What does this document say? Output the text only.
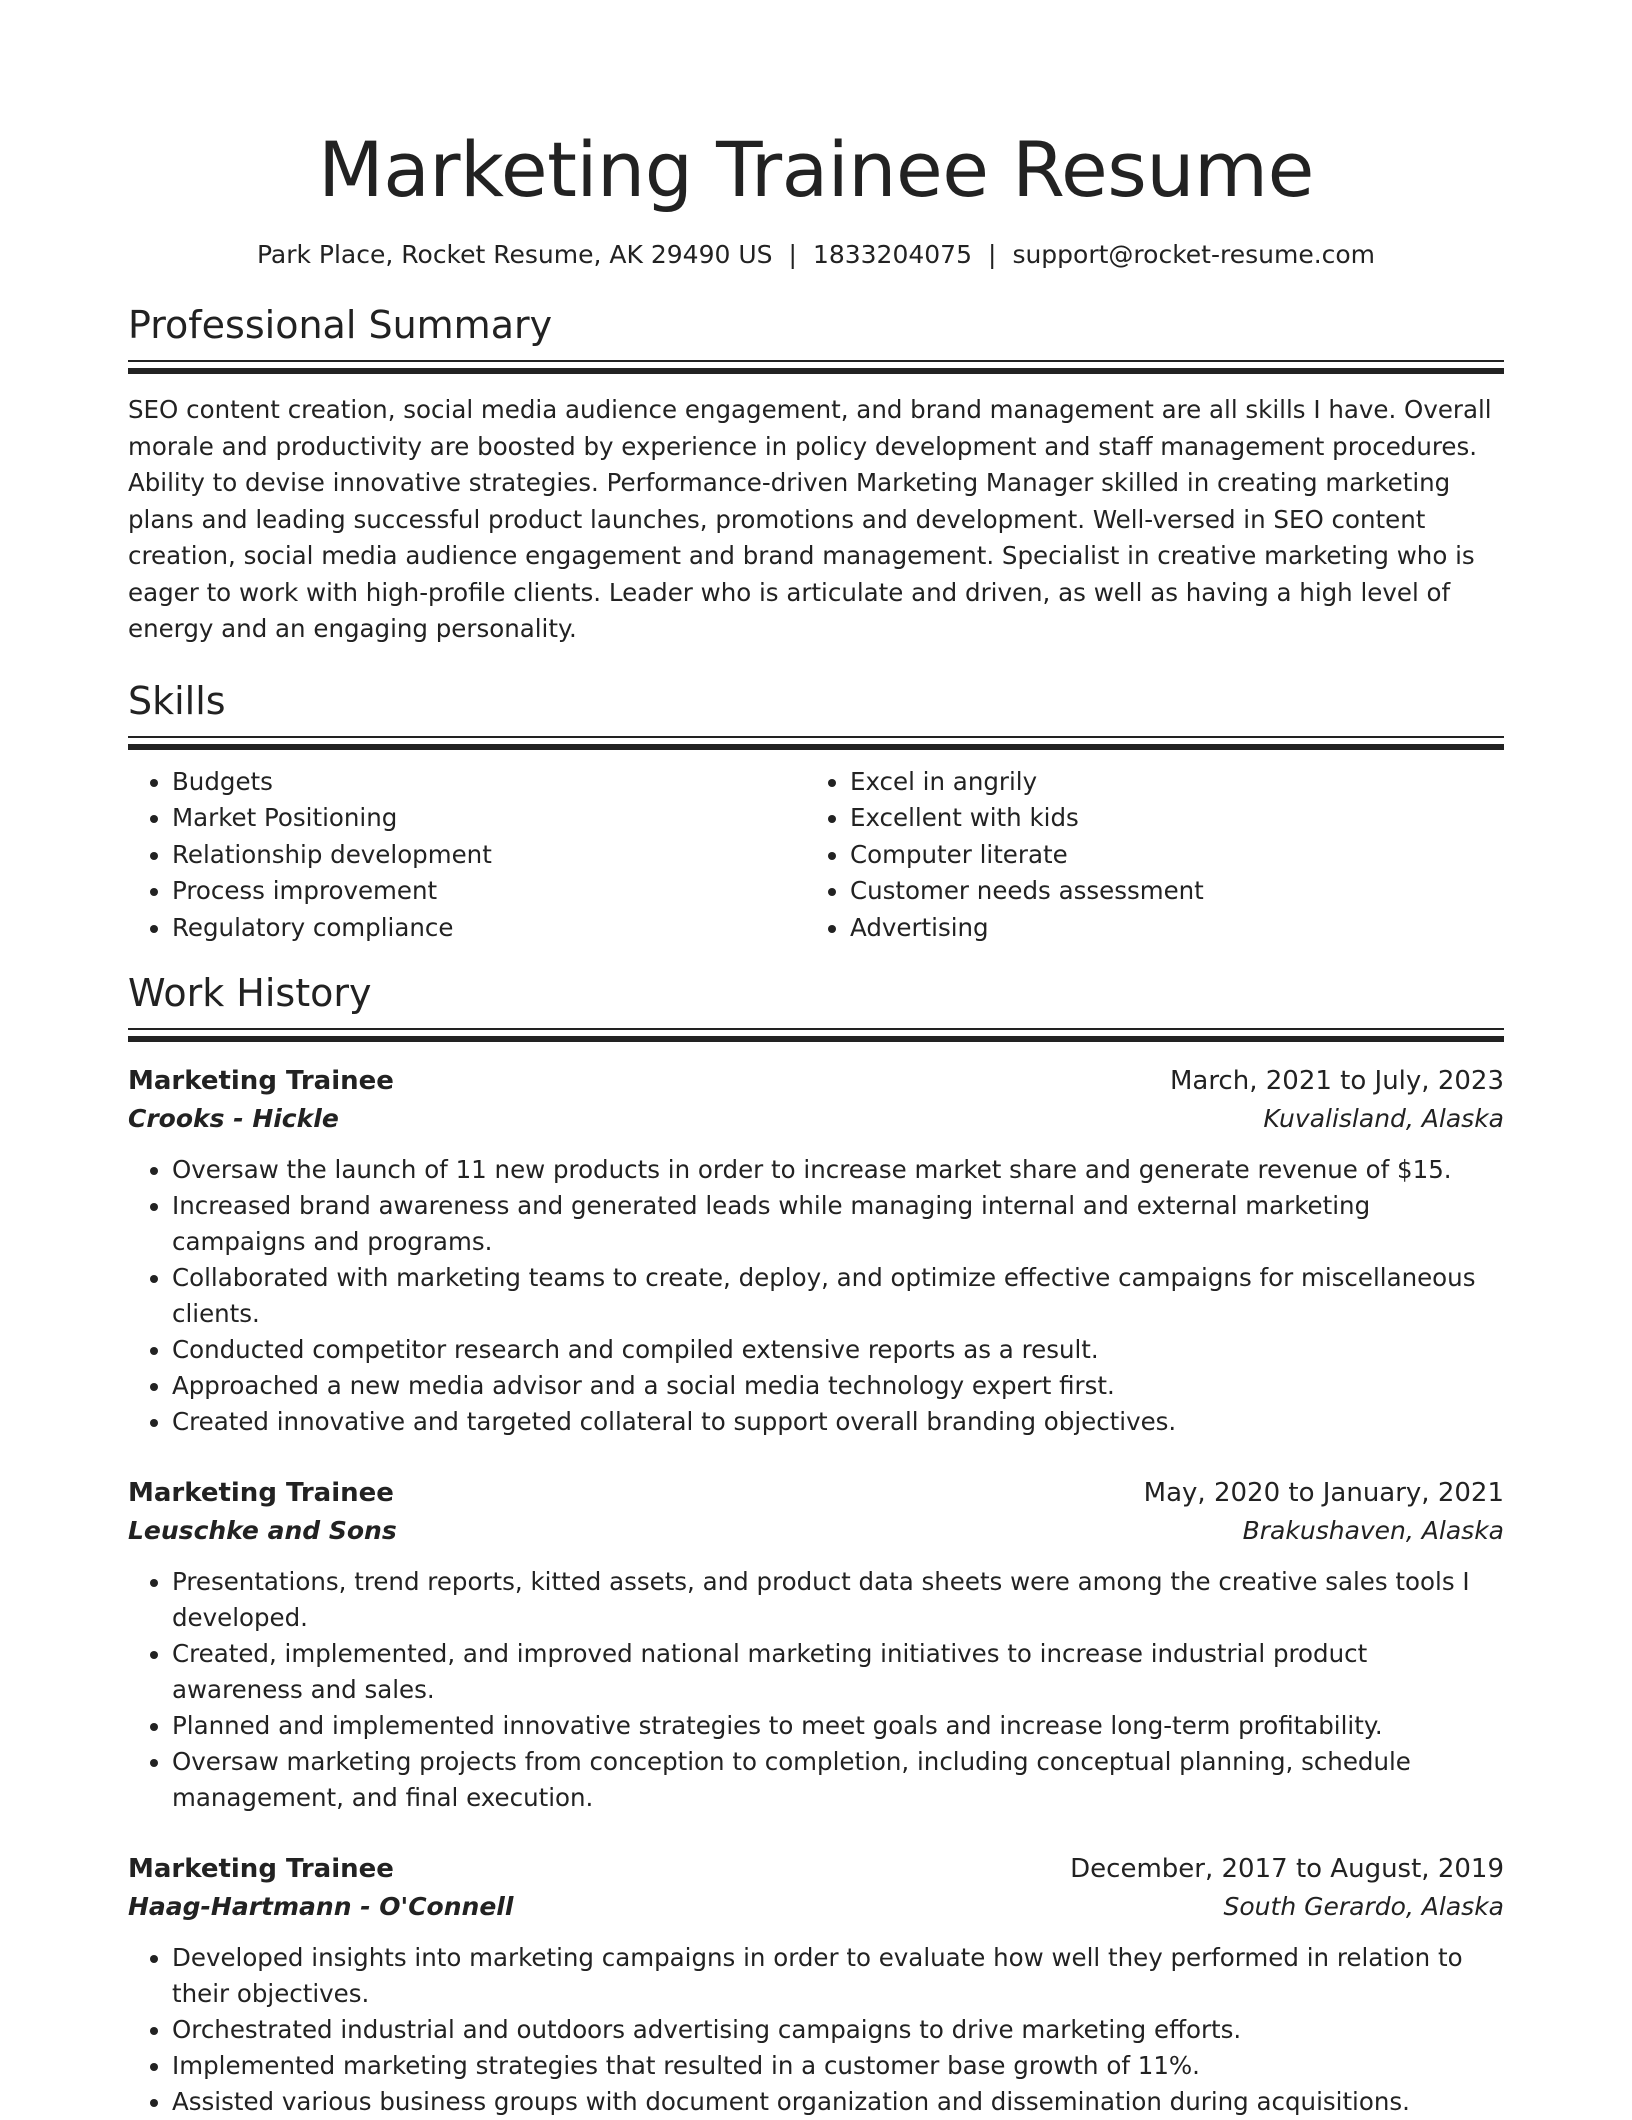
Marketing Trainee Resume
Park Place, Rocket Resume, AK 29490 US | 1833204075 | support@rocket-resume.com
Professional Summary
SEO content creation, social media audience engagement, and brand management are all skills I have. Overall morale and productivity are boosted by experience in policy development and staff management procedures. Ability to devise innovative strategies. Performance-driven Marketing Manager skilled in creating marketing plans and leading successful product launches, promotions and development. Well-versed in SEO content creation, social media audience engagement and brand management. Specialist in creative marketing who is eager to work with high-profile clients. Leader who is articulate and driven, as well as having a high level of energy and an engaging personality.
Skills
• Budgets
• Market Positioning
• Relationship development
• Process improvement
• Regulatory compliance
• Excel in angrily
• Excellent with kids
• Computer literate
• Customer needs assessment
• Advertising
Work History
Marketing Trainee	March, 2021 to July, 2023
Crooks - Hickle	Kuvalisland, Alaska
• Oversaw the launch of 11 new products in order to increase market share and generate revenue of $15.
• Increased brand awareness and generated leads while managing internal and external marketing campaigns and programs.
• Collaborated with marketing teams to create, deploy, and optimize effective campaigns for miscellaneous clients.
• Conducted competitor research and compiled extensive reports as a result.
• Approached a new media advisor and a social media technology expert first.
• Created innovative and targeted collateral to support overall branding objectives.
Marketing Trainee	May, 2020 to January, 2021
Leuschke and Sons	Brakushaven, Alaska
• Presentations, trend reports, kitted assets, and product data sheets were among the creative sales tools I developed.
• Created, implemented, and improved national marketing initiatives to increase industrial product awareness and sales.
• Planned and implemented innovative strategies to meet goals and increase long-term profitability.
• Oversaw marketing projects from conception to completion, including conceptual planning, schedule management, and final execution.
Marketing Trainee	December, 2017 to August, 2019
Haag-Hartmann - O'Connell	South Gerardo, Alaska
• Developed insights into marketing campaigns in order to evaluate how well they performed in relation to their objectives.
• Orchestrated industrial and outdoors advertising campaigns to drive marketing efforts.
• Implemented marketing strategies that resulted in a customer base growth of 11%.
• Assisted various business groups with document organization and dissemination during acquisitions.
